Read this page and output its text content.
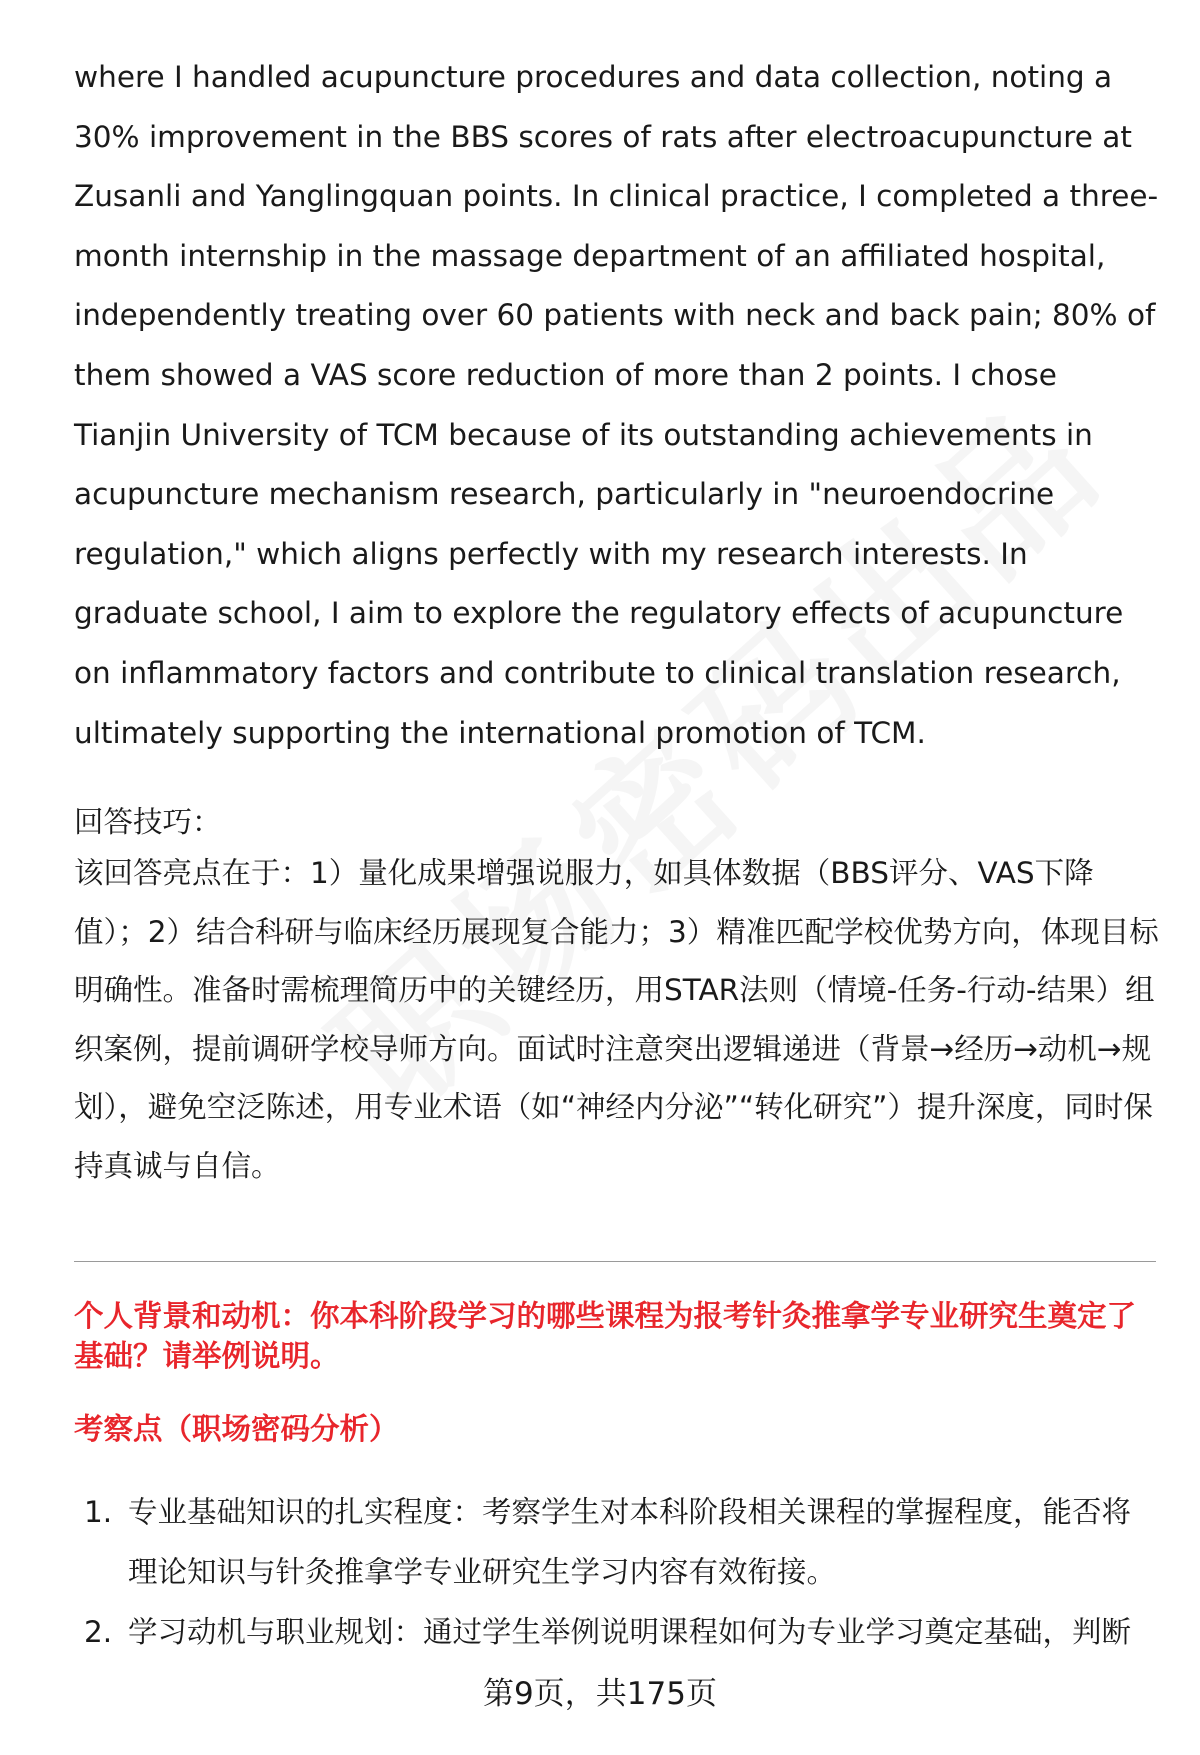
where I handled acupuncture procedures and data collection, noting a 30% improvement in the BBS scores of rats after electroacupuncture at Zusanli and Yanglingquan points. In clinical practice, I completed a three-month internship in the massage department of an affiliated hospital, independently treating over 60 patients with neck and back pain; 80% of them showed a VAS score reduction of more than 2 points. I chose Tianjin University of TCM because of its outstanding achievements in acupuncture mechanism research, particularly in "neuroendocrine regulation," which aligns perfectly with my research interests. In graduate school, I aim to explore the regulatory effects of acupuncture on inflammatory factors and contribute to clinical translation research, ultimately supporting the international promotion of TCM.

回答技巧：

该回答亮点在于：1）量化成果增强说服力，如具体数据（BBS评分、VAS下降值）；2）结合科研与临床经历展现复合能力；3）精准匹配学校优势方向，体现目标明确性。准备时需梳理简历中的关键经历，用STAR法则（情境-任务-行动-结果）组织案例，提前调研学校导师方向。面试时注意突出逻辑递进（背景→经历→动机→规划），避免空泛陈述，用专业术语（如“神经内分泌”“转化研究”）提升深度，同时保持真诚与自信。

个人背景和动机：你本科阶段学习的哪些课程为报考针灸推拿学专业研究生奠定了基础？请举例说明。

考察点（职场密码分析）

1. 专业基础知识的扎实程度：考察学生对本科阶段相关课程的掌握程度，能否将理论知识与针灸推拿学专业研究生学习内容有效衔接。
2. 学习动机与职业规划：通过学生举例说明课程如何为专业学习奠定基础，判断
第9页，共175页
